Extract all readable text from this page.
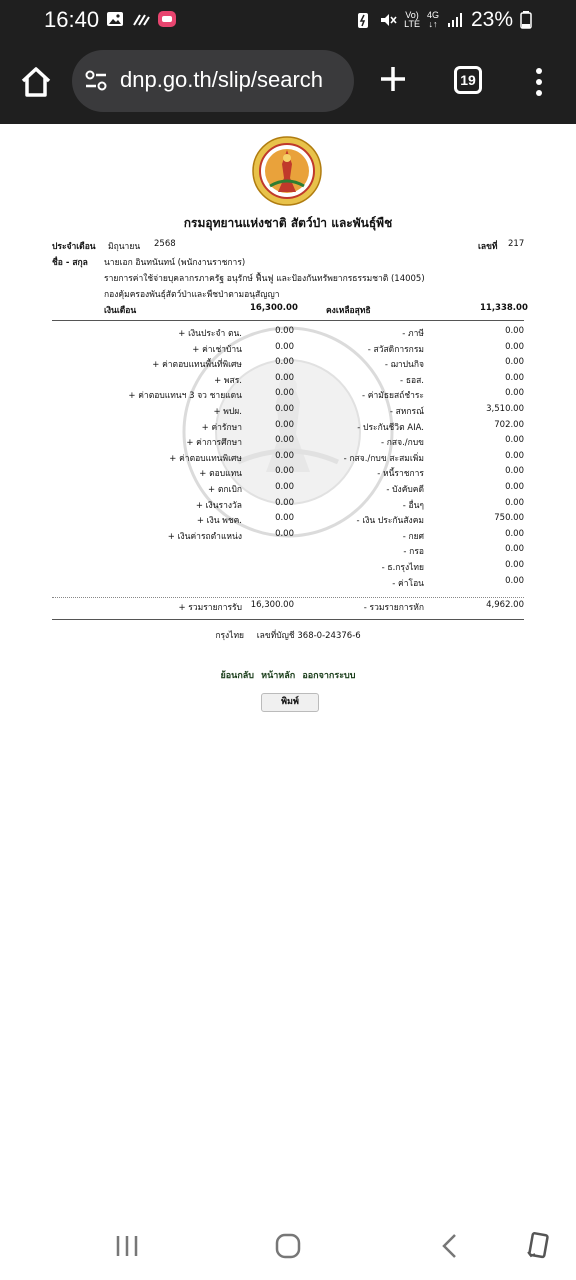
16:40	Vo)
LTE
4G
↓↑ 23%
dnp.go.th/slip/search	19
กรมอุทยานแห่งชาติ สัตว์ป่า และพันธุ์พืช
ประจำเดือน มิถุนายน 2568	เลขที่ 217
ชื่อ - สกุล นายเอก อินทนันทน์ (พนักงานราชการ)
รายการค่าใช้จ่ายบุคลากรภาครัฐ อนุรักษ์ ฟื้นฟู และป้องกันทรัพยากรธรรมชาติ (14005)
กองคุ้มครองพันธุ์สัตว์ป่าและพืชป่าตามอนุสัญญา
เงินเดือน	16,300.00	คงเหลือสุทธิ	11,338.00
+ เงินประจำ ตน.	0.00	- ภาษี	0.00
+ ค่าเช่าบ้าน	0.00	- สวัสดิการกรม	0.00
+ ค่าตอบแทนพื้นที่พิเศษ	0.00	- ฌาปนกิจ	0.00
+ พสร.	0.00	- ธอส.	0.00
+ ค่าตอบแทนฯ 3 จว ชายแดน	0.00	- ค่ามัธยสถ์ชำระ	0.00
+ พปผ.	0.00	- สหกรณ์	3,510.00
+ ค่ารักษา	0.00	- ประกันชีวิต AIA.	702.00
+ ค่าการศึกษา	0.00	- กสจ./กบข	0.00
+ ค่าตอบแทนพิเศษ	0.00	- กสจ./กบข สะสมเพิ่ม	0.00
+ ตอบแทน	0.00	- หนี้ราชการ	0.00
+ ตกเบิก	0.00	- บังคับคดี	0.00
+ เงินรางวัล	0.00	- อื่นๆ	0.00
+ เงิน พชค.	0.00	- เงิน ประกันสังคม	750.00
+ เงินค่ารถตำแหน่ง	0.00	- กยศ	0.00
- กรอ	0.00
- ธ.กรุงไทย	0.00
- ค่าโอน	0.00
+ รวมรายการรับ 16,300.00	- รวมรายการหัก	4,962.00
กรุงไทย เลขที่บัญชี 368-0-24376-6
ย้อนกลับ หน้าหลัก ออกจากระบบ
พิมพ์
